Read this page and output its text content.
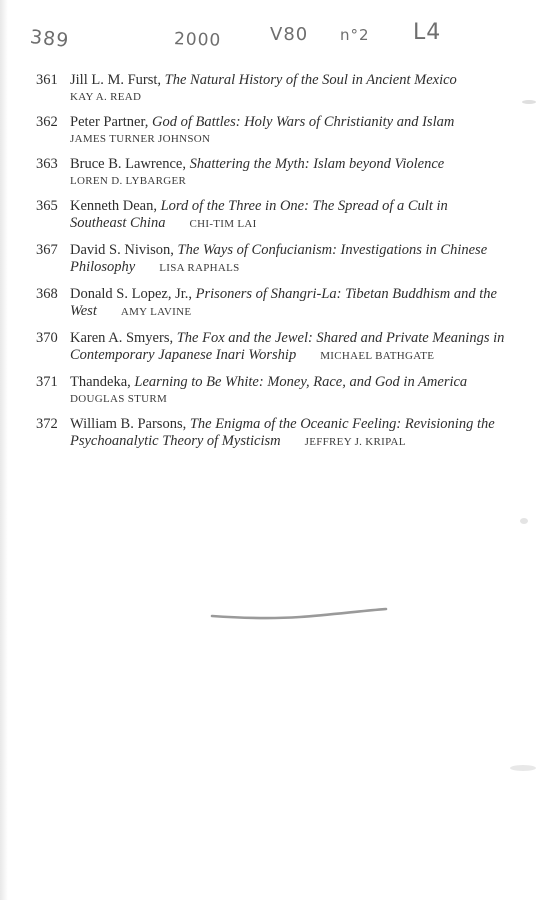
389	2000	V80 n°2 L4
361 Jill L. M. Furst, The Natural History of the Soul in Ancient Mexico
KAY A. READ
362 Peter Partner, God of Battles: Holy Wars of Christianity and Islam
JAMES TURNER JOHNSON
363 Bruce B. Lawrence, Shattering the Myth: Islam beyond Violence
LOREN D. LYBARGER
365 Kenneth Dean, Lord of the Three in One: The Spread of a Cult in Southeast China CHI-TIM LAI
367 David S. Nivison, The Ways of Confucianism: Investigations in Chinese Philosophy LISA RAPHALS
368 Donald S. Lopez, Jr., Prisoners of Shangri-La: Tibetan Buddhism and the West AMY LAVINE
370 Karen A. Smyers, The Fox and the Jewel: Shared and Private Meanings in Contemporary Japanese Inari Worship MICHAEL BATHGATE
371 Thandeka, Learning to Be White: Money, Race, and God in America
DOUGLAS STURM
372 William B. Parsons, The Enigma of the Oceanic Feeling: Revisioning the Psychoanalytic Theory of Mysticism JEFFREY J. KRIPAL
